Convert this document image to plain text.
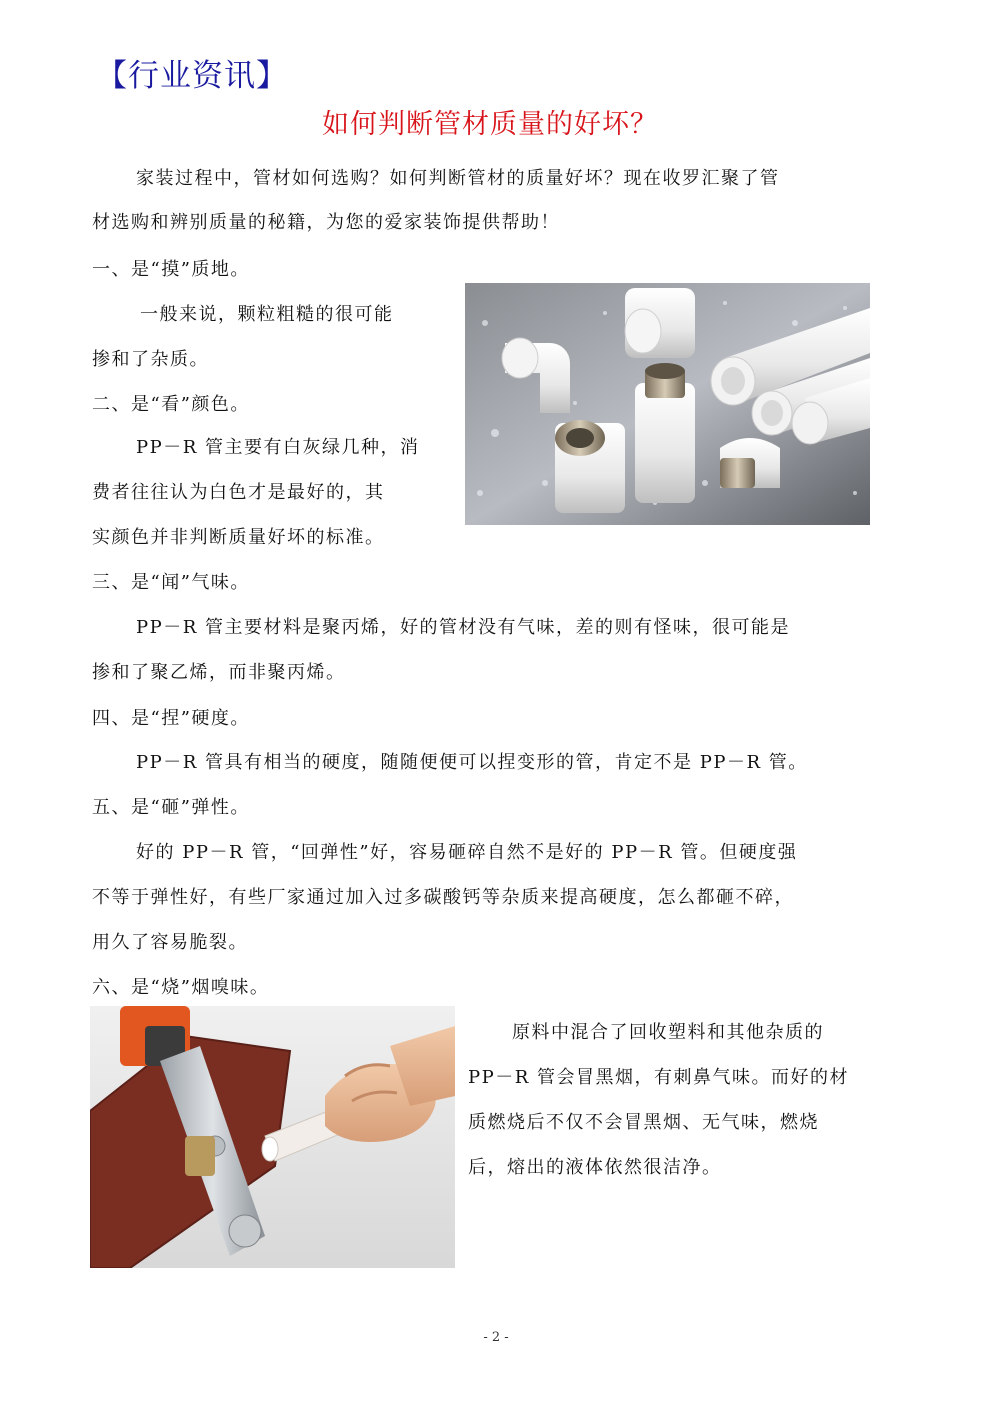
【行业资讯】
如何判断管材质量的好坏？
家装过程中，管材如何选购？如何判断管材的质量好坏？现在收罗汇聚了管
材选购和辨别质量的秘籍，为您的爱家装饰提供帮助！
一、是“摸”质地。
一般来说，颗粒粗糙的很可能
掺和了杂质。
二、是“看”颜色。
PP－R 管主要有白灰绿几种，消
费者往往认为白色才是最好的，其
实颜色并非判断质量好坏的标准。
三、是“闻”气味。
PP－R 管主要材料是聚丙烯，好的管材没有气味，差的则有怪味，很可能是
掺和了聚乙烯，而非聚丙烯。
四、是“捏”硬度。
PP－R 管具有相当的硬度，随随便便可以捏变形的管，肯定不是 PP－R 管。
五、是“砸”弹性。
好的 PP－R 管，“回弹性”好，容易砸碎自然不是好的 PP－R 管。但硬度强
不等于弹性好，有些厂家通过加入过多碳酸钙等杂质来提高硬度，怎么都砸不碎，
用久了容易脆裂。
六、是“烧”烟嗅味。
原料中混合了回收塑料和其他杂质的
PP－R 管会冒黑烟，有刺鼻气味。而好的材
质燃烧后不仅不会冒黑烟、无气味，燃烧
后，熔出的液体依然很洁净。
- 2 -
